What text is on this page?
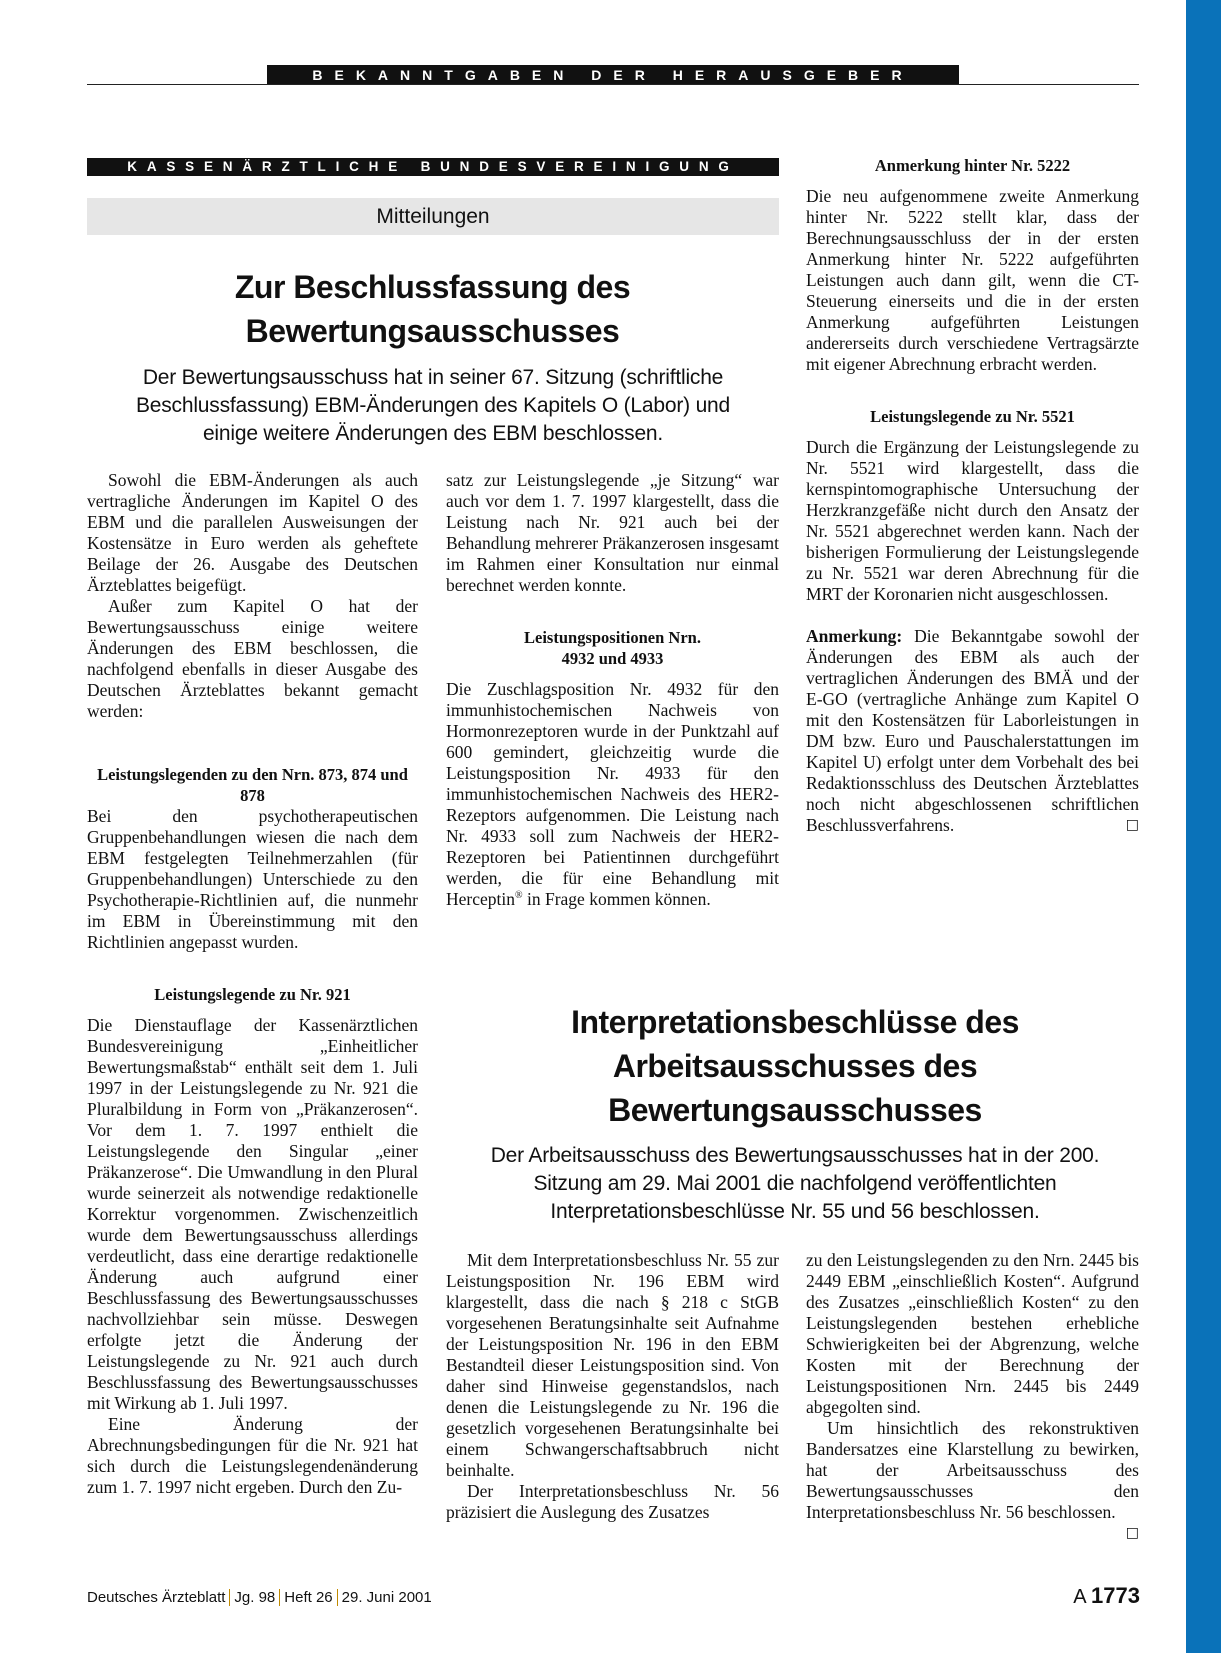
BEKANNTGABEN DER HERAUSGEBER
KASSENÄRZTLICHE BUNDESVEREINIGUNG
Mitteilungen
Zur Beschlussfassung des Bewertungsausschusses
Der Bewertungsausschuss hat in seiner 67. Sitzung (schriftliche Beschlussfassung) EBM-Änderungen des Kapitels O (Labor) und einige weitere Änderungen des EBM beschlossen.

Sowohl die EBM-Änderungen als auch vertragliche Änderungen im Kapitel O des EBM und die parallelen Ausweisungen der Kostensätze in Euro werden als geheftete Beilage der 26. Ausgabe des Deutschen Ärzteblattes beigefügt.

Außer zum Kapitel O hat der Bewertungsausschuss einige weitere Änderungen des EBM beschlossen, die nachfolgend ebenfalls in dieser Ausgabe des Deutschen Ärzteblattes bekannt gemacht werden:

Leistungslegenden zu den Nrn. 873, 874 und 878

Bei den psychotherapeutischen Gruppenbehandlungen wiesen die nach dem EBM festgelegten Teilnehmerzahlen (für Gruppenbehandlungen) Unterschiede zu den Psychotherapie-Richtlinien auf, die nunmehr im EBM in Übereinstimmung mit den Richtlinien angepasst wurden.

Leistungslegende zu Nr. 921

Die Dienstauflage der Kassenärztlichen Bundesvereinigung „Einheitlicher Bewertungsmaßstab“ enthält seit dem 1. Juli 1997 in der Leistungslegende zu Nr. 921 die Pluralbildung in Form von „Präkanzerosen“. Vor dem 1. 7. 1997 enthielt die Leistungslegende den Singular „einer Präkanzerose“. Die Umwandlung in den Plural wurde seinerzeit als notwendige redaktionelle Korrektur vorgenommen. Zwischenzeitlich wurde dem Bewertungsausschuss allerdings verdeutlicht, dass eine derartige redaktionelle Änderung auch aufgrund einer Beschlussfassung des Bewertungsausschusses nachvollziehbar sein müsse. Deswegen erfolgte jetzt die Änderung der Leistungslegende zu Nr. 921 auch durch Beschlussfassung des Bewertungsausschusses mit Wirkung ab 1. Juli 1997.

Eine Änderung der Abrechnungsbedingungen für die Nr. 921 hat sich durch die Leistungslegendenänderung zum 1. 7. 1997 nicht ergeben. Durch den Zu-

satz zur Leistungslegende „je Sitzung“ war auch vor dem 1. 7. 1997 klargestellt, dass die Leistung nach Nr. 921 auch bei der Behandlung mehrerer Präkanzerosen insgesamt im Rahmen einer Konsultation nur einmal berechnet werden konnte.

Leistungspositionen Nrn. 4932 und 4933

Die Zuschlagsposition Nr. 4932 für den immunhistochemischen Nachweis von Hormonrezeptoren wurde in der Punktzahl auf 600 gemindert, gleichzeitig wurde die Leistungsposition Nr. 4933 für den immunhistochemischen Nachweis des HER2-Rezeptors aufgenommen. Die Leistung nach Nr. 4933 soll zum Nachweis der HER2-Rezeptoren bei Patientinnen durchgeführt werden, die für eine Behandlung mit Herceptin® in Frage kommen können.

Anmerkung hinter Nr. 5222

Die neu aufgenommene zweite Anmerkung hinter Nr. 5222 stellt klar, dass der Berechnungsausschluss der in der ersten Anmerkung hinter Nr. 5222 aufgeführten Leistungen auch dann gilt, wenn die CT-Steuerung einerseits und die in der ersten Anmerkung aufgeführten Leistungen andererseits durch verschiedene Vertragsärzte mit eigener Abrechnung erbracht werden.

Leistungslegende zu Nr. 5521

Durch die Ergänzung der Leistungslegende zu Nr. 5521 wird klargestellt, dass die kernspintomographische Untersuchung der Herzkranzgefäße nicht durch den Ansatz der Nr. 5521 abgerechnet werden kann. Nach der bisherigen Formulierung der Leistungslegende zu Nr. 5521 war deren Abrechnung für die MRT der Koronarien nicht ausgeschlossen.

Anmerkung: Die Bekanntgabe sowohl der Änderungen des EBM als auch der vertraglichen Änderungen des BMÄ und der E-GO (vertragliche Anhänge zum Kapitel O mit den Kostensätzen für Laborleistungen in DM bzw. Euro und Pauschalerstattungen im Kapitel U) erfolgt unter dem Vorbehalt des bei Redaktionsschluss des Deutschen Ärzteblattes noch nicht abgeschlossenen schriftlichen Beschlussverfahrens.	□

Interpretationsbeschlüsse des Arbeitsausschusses des Bewertungsausschusses
Der Arbeitsausschuss des Bewertungsausschusses hat in der 200. Sitzung am 29. Mai 2001 die nachfolgend veröffentlichten Interpretationsbeschlüsse Nr. 55 und 56 beschlossen.

Mit dem Interpretationsbeschluss Nr. 55 zur Leistungsposition Nr. 196 EBM wird klargestellt, dass die nach § 218 c StGB vorgesehenen Beratungsinhalte seit Aufnahme der Leistungsposition Nr. 196 in den EBM Bestandteil dieser Leistungsposition sind. Von daher sind Hinweise gegenstandslos, nach denen die Leistungslegende zu Nr. 196 die gesetzlich vorgesehenen Beratungsinhalte bei einem Schwangerschaftsabbruch nicht beinhalte.

Der Interpretationsbeschluss Nr. 56 präzisiert die Auslegung des Zusatzes

zu den Leistungslegenden zu den Nrn. 2445 bis 2449 EBM „einschließlich Kosten“. Aufgrund des Zusatzes „einschließlich Kosten“ zu den Leistungslegenden bestehen erhebliche Schwierigkeiten bei der Abgrenzung, welche Kosten mit der Berechnung der Leistungspositionen Nrn. 2445 bis 2449 abgegolten sind.

Um hinsichtlich des rekonstruktiven Bandersatzes eine Klarstellung zu bewirken, hat der Arbeitsausschuss des Bewertungsausschusses den Interpretationsbeschluss Nr. 56 beschlossen.
□

Deutsches Ärzteblatt Jg. 98 Heft 26 29. Juni 2001	A 1773
